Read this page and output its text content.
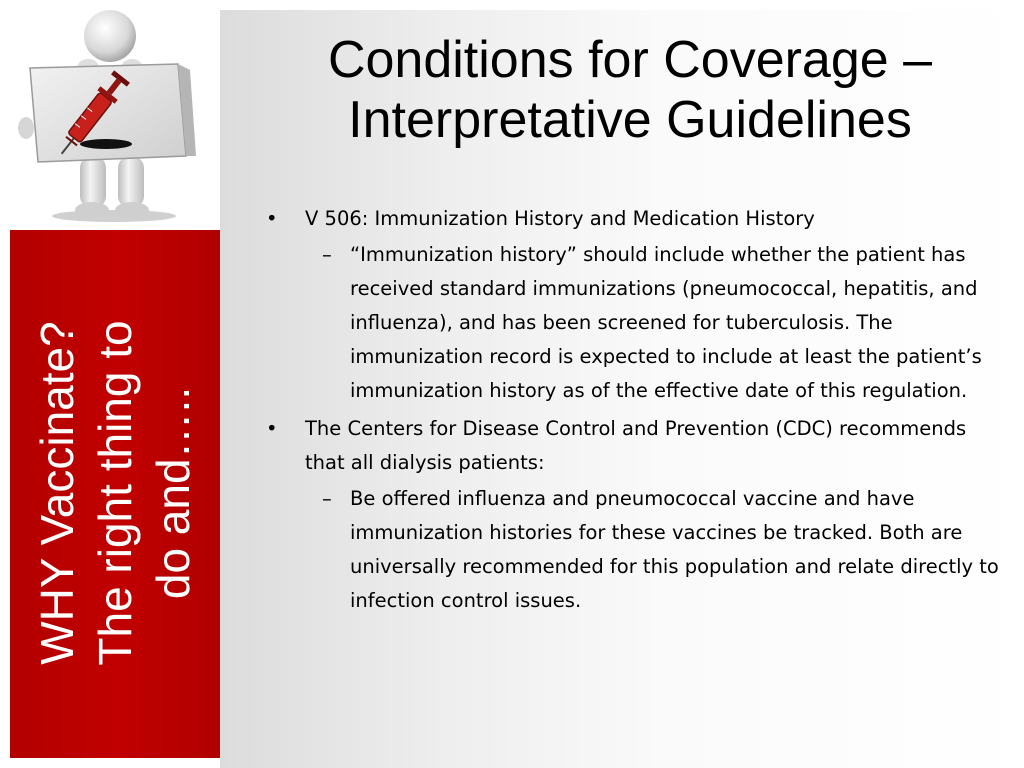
WHY Vaccinate? The right thing to do and…..
Conditions for Coverage –
Interpretative Guidelines
• V 506: Immunization History and Medication History
– “Immunization history” should include whether the patient has received standard immunizations (pneumococcal, hepatitis, and influenza), and has been screened for tuberculosis. The immunization record is expected to include at least the patient’s immunization history as of the effective date of this regulation.
• The Centers for Disease Control and Prevention (CDC) recommends that all dialysis patients:
– Be offered influenza and pneumococcal vaccine and have immunization histories for these vaccines be tracked. Both are universally recommended for this population and relate directly to infection control issues.
